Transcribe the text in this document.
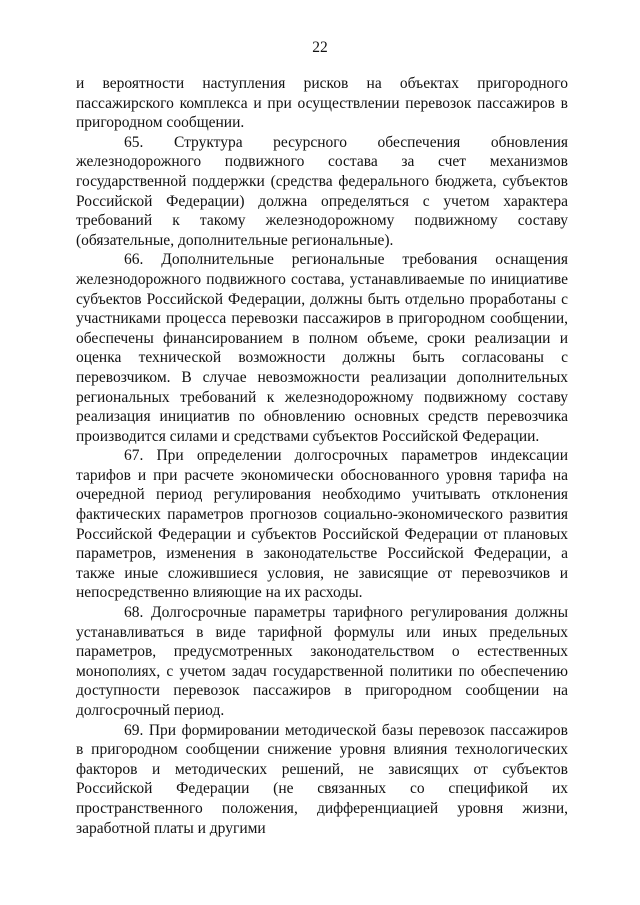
22

и вероятности наступления рисков на объектах пригородного пассажирского комплекса и при осуществлении перевозок пассажиров в пригородном сообщении.

65. Структура ресурсного обеспечения обновления железнодорожного подвижного состава за счет механизмов государственной поддержки (средства федерального бюджета, субъектов Российской Федерации) должна определяться с учетом характера требований к такому железнодорожному подвижному составу (обязательные, дополнительные региональные).

66. Дополнительные региональные требования оснащения железнодорожного подвижного состава, устанавливаемые по инициативе субъектов Российской Федерации, должны быть отдельно проработаны с участниками процесса перевозки пассажиров в пригородном сообщении, обеспечены финансированием в полном объеме, сроки реализации и оценка технической возможности должны быть согласованы с перевозчиком. В случае невозможности реализации дополнительных региональных требований к железнодорожному подвижному составу реализация инициатив по обновлению основных средств перевозчика производится силами и средствами субъектов Российской Федерации.

67. При определении долгосрочных параметров индексации тарифов и при расчете экономически обоснованного уровня тарифа на очередной период регулирования необходимо учитывать отклонения фактических параметров прогнозов социально-экономического развития Российской Федерации и субъектов Российской Федерации от плановых параметров, изменения в законодательстве Российской Федерации, а также иные сложившиеся условия, не зависящие от перевозчиков и непосредственно влияющие на их расходы.

68. Долгосрочные параметры тарифного регулирования должны устанавливаться в виде тарифной формулы или иных предельных параметров, предусмотренных законодательством о естественных монополиях, с учетом задач государственной политики по обеспечению доступности перевозок пассажиров в пригородном сообщении на долгосрочный период.

69. При формировании методической базы перевозок пассажиров в пригородном сообщении снижение уровня влияния технологических факторов и методических решений, не зависящих от субъектов Российской Федерации (не связанных со спецификой их пространственного положения, дифференциацией уровня жизни, заработной платы и другими
